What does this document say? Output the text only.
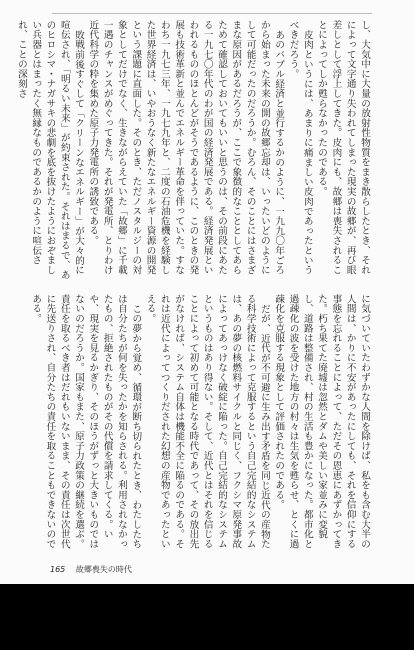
し、大気中に大量の放射性物質をまき散らしたとき、それによって文字通り失われてしまった現実の故郷が、再び眼差しとして浮上してきた。皮肉にも、故郷は喪失されることによってしか甦らなかったのである。

皮肉というには、あまりに痛ましい皮肉であったというべきだろう。

あのバブル経済と並行するかのように、一九九〇年ごろから始まった未来の開の故郷忘却は、いったいどのようにして可能だったのだろうか。むろん、そのことにはさまざまな原因があるだろうが、ここで象徴的なこととしてあらためて確認しておいてもいいと思うのは、その前段にあたる一九七〇年代のわが国の経済発展である。経済発展といわれるもののほとんどがそうであるように、このときの発展も技術革新と並んでエネルギー革命を伴っていた。すなわち一九七三年、一九七九年と、二度の石油危機を経験した世界経済は、いやおうなく新たなエネルギー資源の開発という課題に直面した。そのとき、ただノスタルジーの対象としてだけでなく、生きながらえていた「故郷」に千載一遇のチャンスがめぐってきた。それが発電所、とりわけ近代科学の粋を集めた原子力発電所の誘致である。

敗戦前後すぐして「クリーンなエネルギー」が大々的に喧伝され、「明るい未来」が約束された。それはまるで、あのヒロシマ・ナガサキの悲劇を底を抜けたようにおぞましい兵器とはまったく無縁なものであるかのように喧伝され、ことの深刻さ

に気づいていたわずかな人間を除けば、私をも含む大半の人間は、かりに不安があったにしても、それを信仰にする事態を忘れることによって、ただその恩恵にあずかってきた。朽ち果てた廃墟は忽然とダムや美しい家並みに変貌し、道路は整備され、村の生活も豊かになった。都市化と過疎化の波を受けた地方の村々は生気を甦らせ、とくに過疎化を克服する現象として評価されたのである。

だが、近代が不可避に生み出す矛盾を同じ近代の産物たる科学技術によって克服するという自己完結的なシステムは、あの夢の核燃料サイクルと同じく、フクシマ原発事故によってあっけなく破綻に陥った。自己完結的なシステムというものはあり得ない。そして、近代とはそれを信じることによって初めて可能となる時代であって、その放出先がなければ、システム自体は機能不全に陥るのである。それは近代によってつくりだされた幻想の産物であったといえる。

この夢から覚め、循環が断ち切られたとき、わたしたちは自分たちが何を失ったかを知らされる。利用されなかったもの、拒絶されたものがその代償を請求してくる。いや、現実を見るかぎり、そのほうがずっと大きいものではないのだろうか。国家もまた、原子力政策の継続を選ぶ。責任を取るべき者はだれもいないまま、その責任は次世代に先送りされ、自分たちの責任を取ることもできないのである。

165 故郷喪失の時代
